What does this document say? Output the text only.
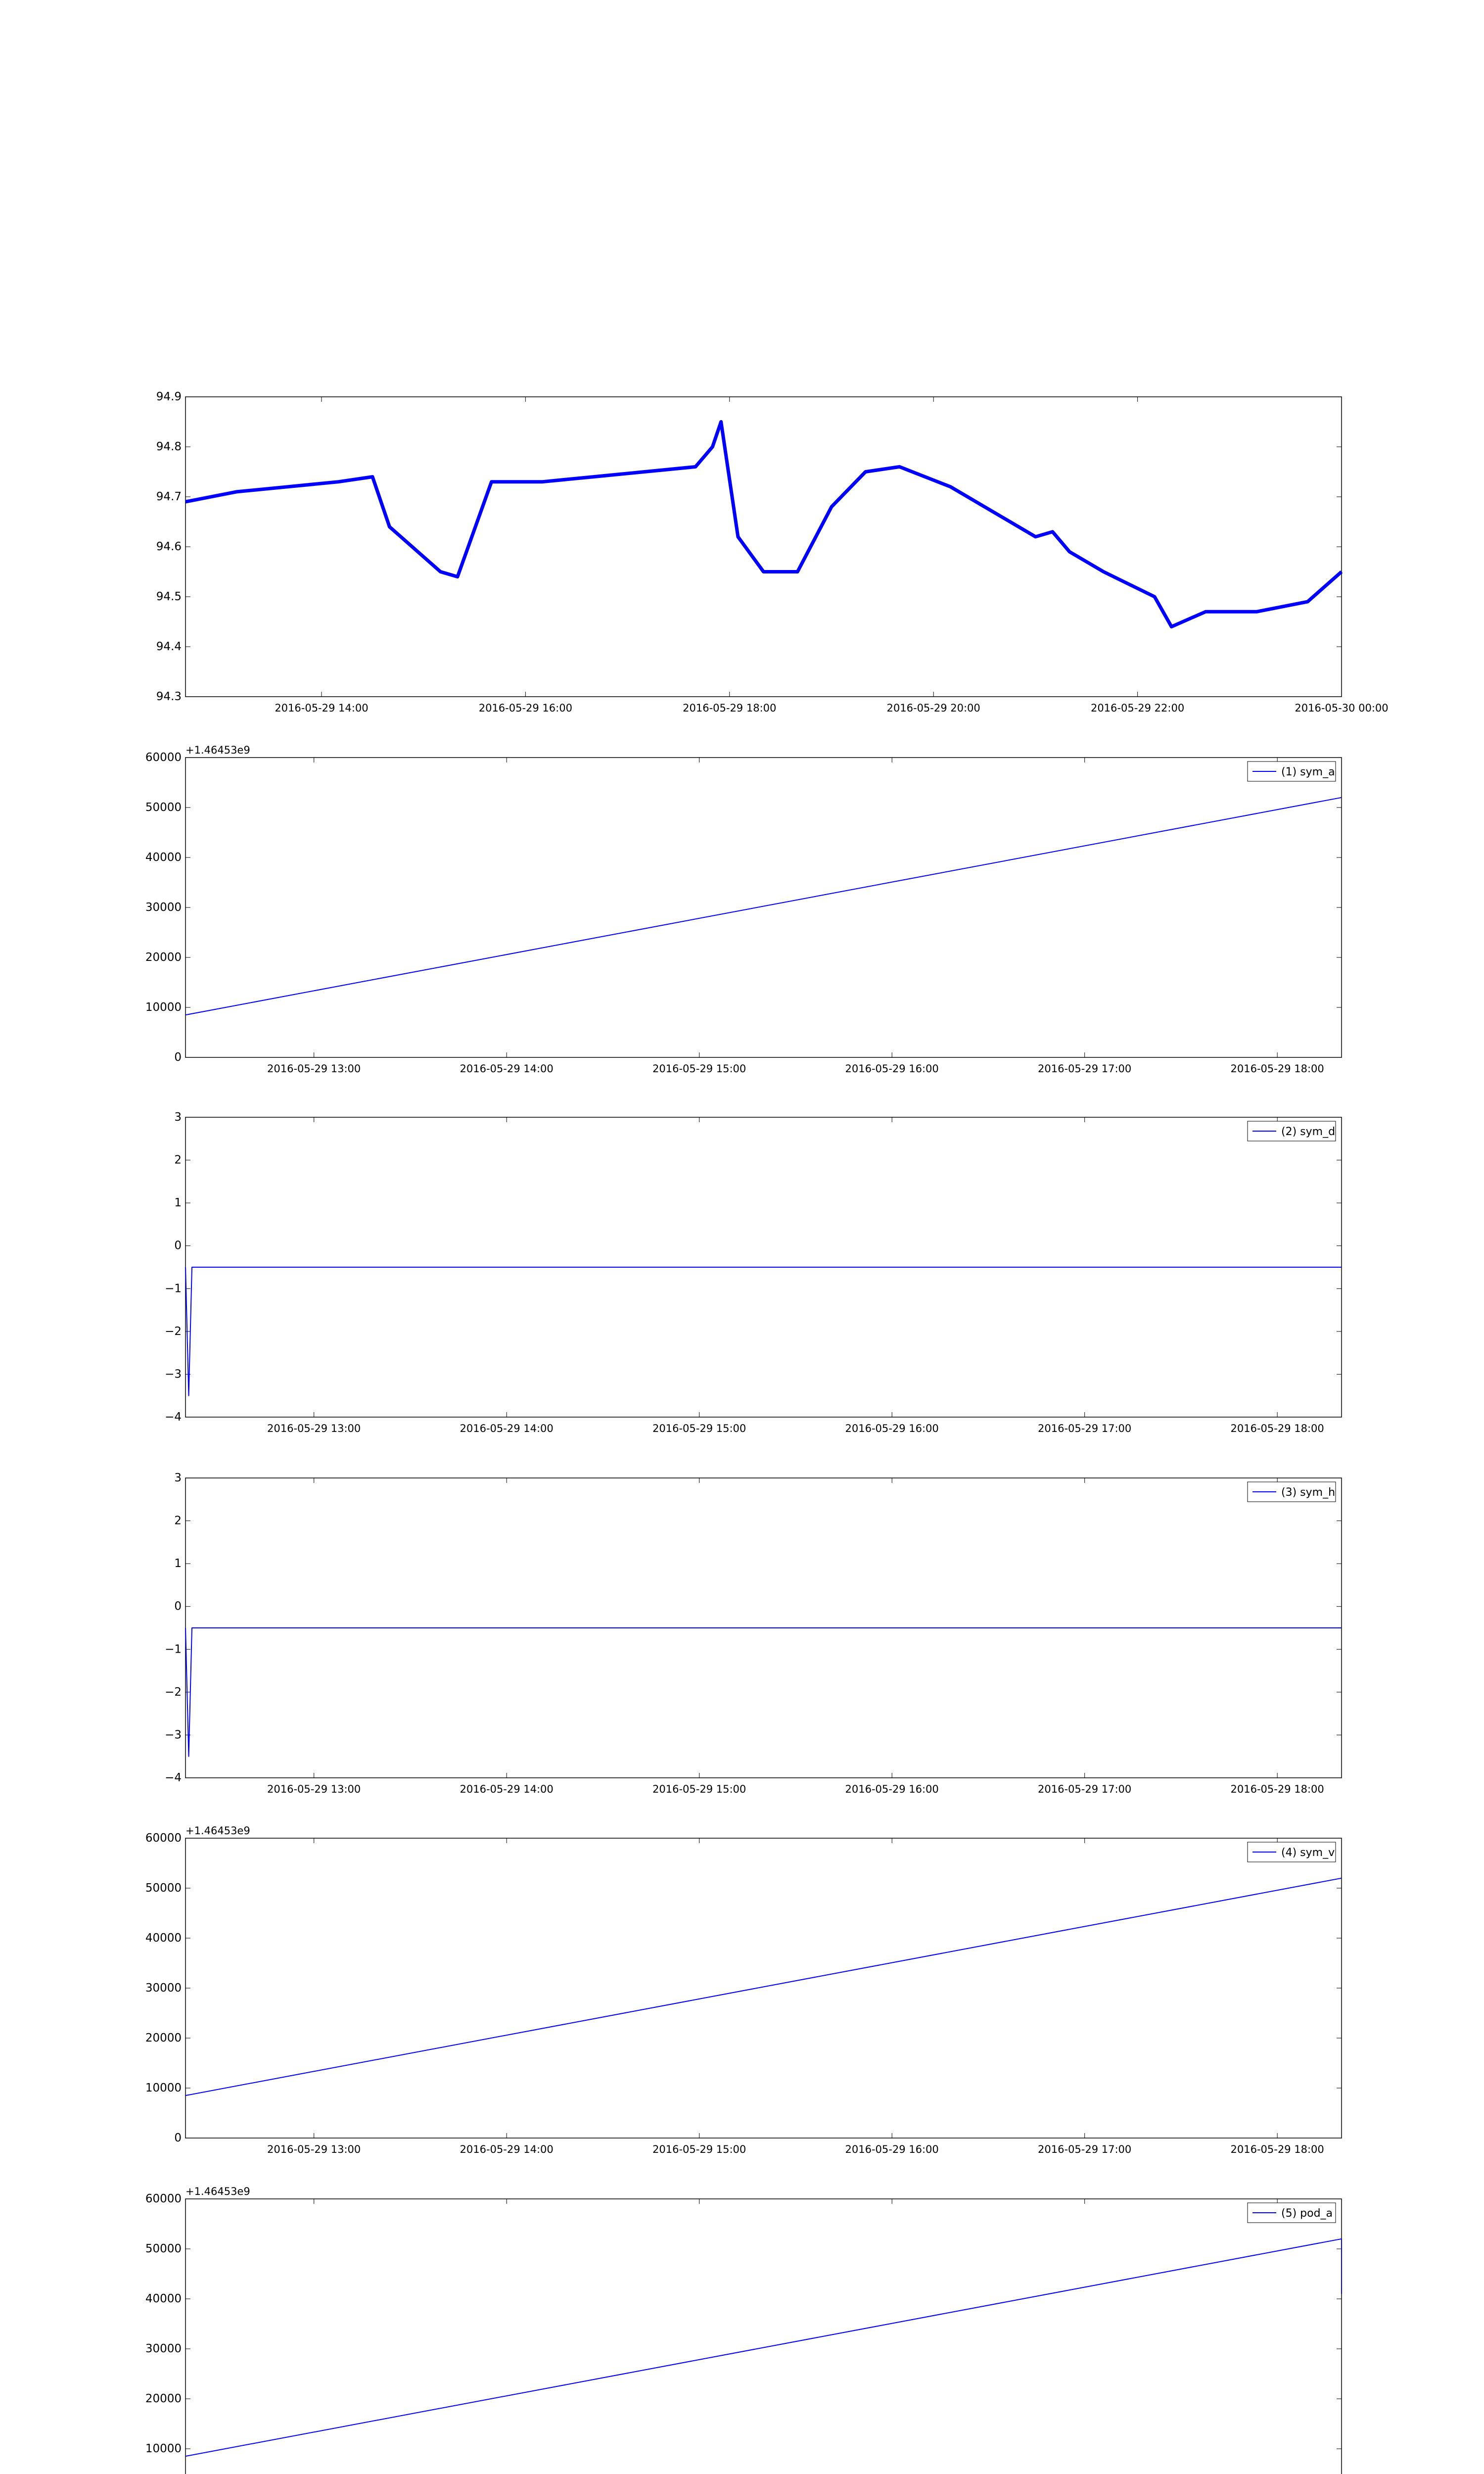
94.3
94.4
94.5
94.6
94.7
94.8
94.9
2016-05-29 14:00	2016-05-29 16:00	2016-05-29 18:00	2016-05-29 20:00	2016-05-29 22:00	2016-05-30 00:00
0
10000
20000
30000
40000
50000
60000
2016-05-29 13:00	2016-05-29 14:00	2016-05-29 15:00	2016-05-29 16:00	2016-05-29 17:00	2016-05-29 18:00
+1.46453e9
(1) sym_a
−4
−3
−2
−1
0
1
2
3
2016-05-29 13:00	2016-05-29 14:00	2016-05-29 15:00	2016-05-29 16:00	2016-05-29 17:00	2016-05-29 18:00
(2) sym_d
−4
−3
−2
−1
0
1
2
3
2016-05-29 13:00	2016-05-29 14:00	2016-05-29 15:00	2016-05-29 16:00	2016-05-29 17:00	2016-05-29 18:00
(3) sym_h
0
10000
20000
30000
40000
50000
60000
2016-05-29 13:00	2016-05-29 14:00	2016-05-29 15:00	2016-05-29 16:00	2016-05-29 17:00	2016-05-29 18:00
+1.46453e9
(4) sym_v
10000
20000
30000
40000
50000
60000
+1.46453e9
(5) pod_a
